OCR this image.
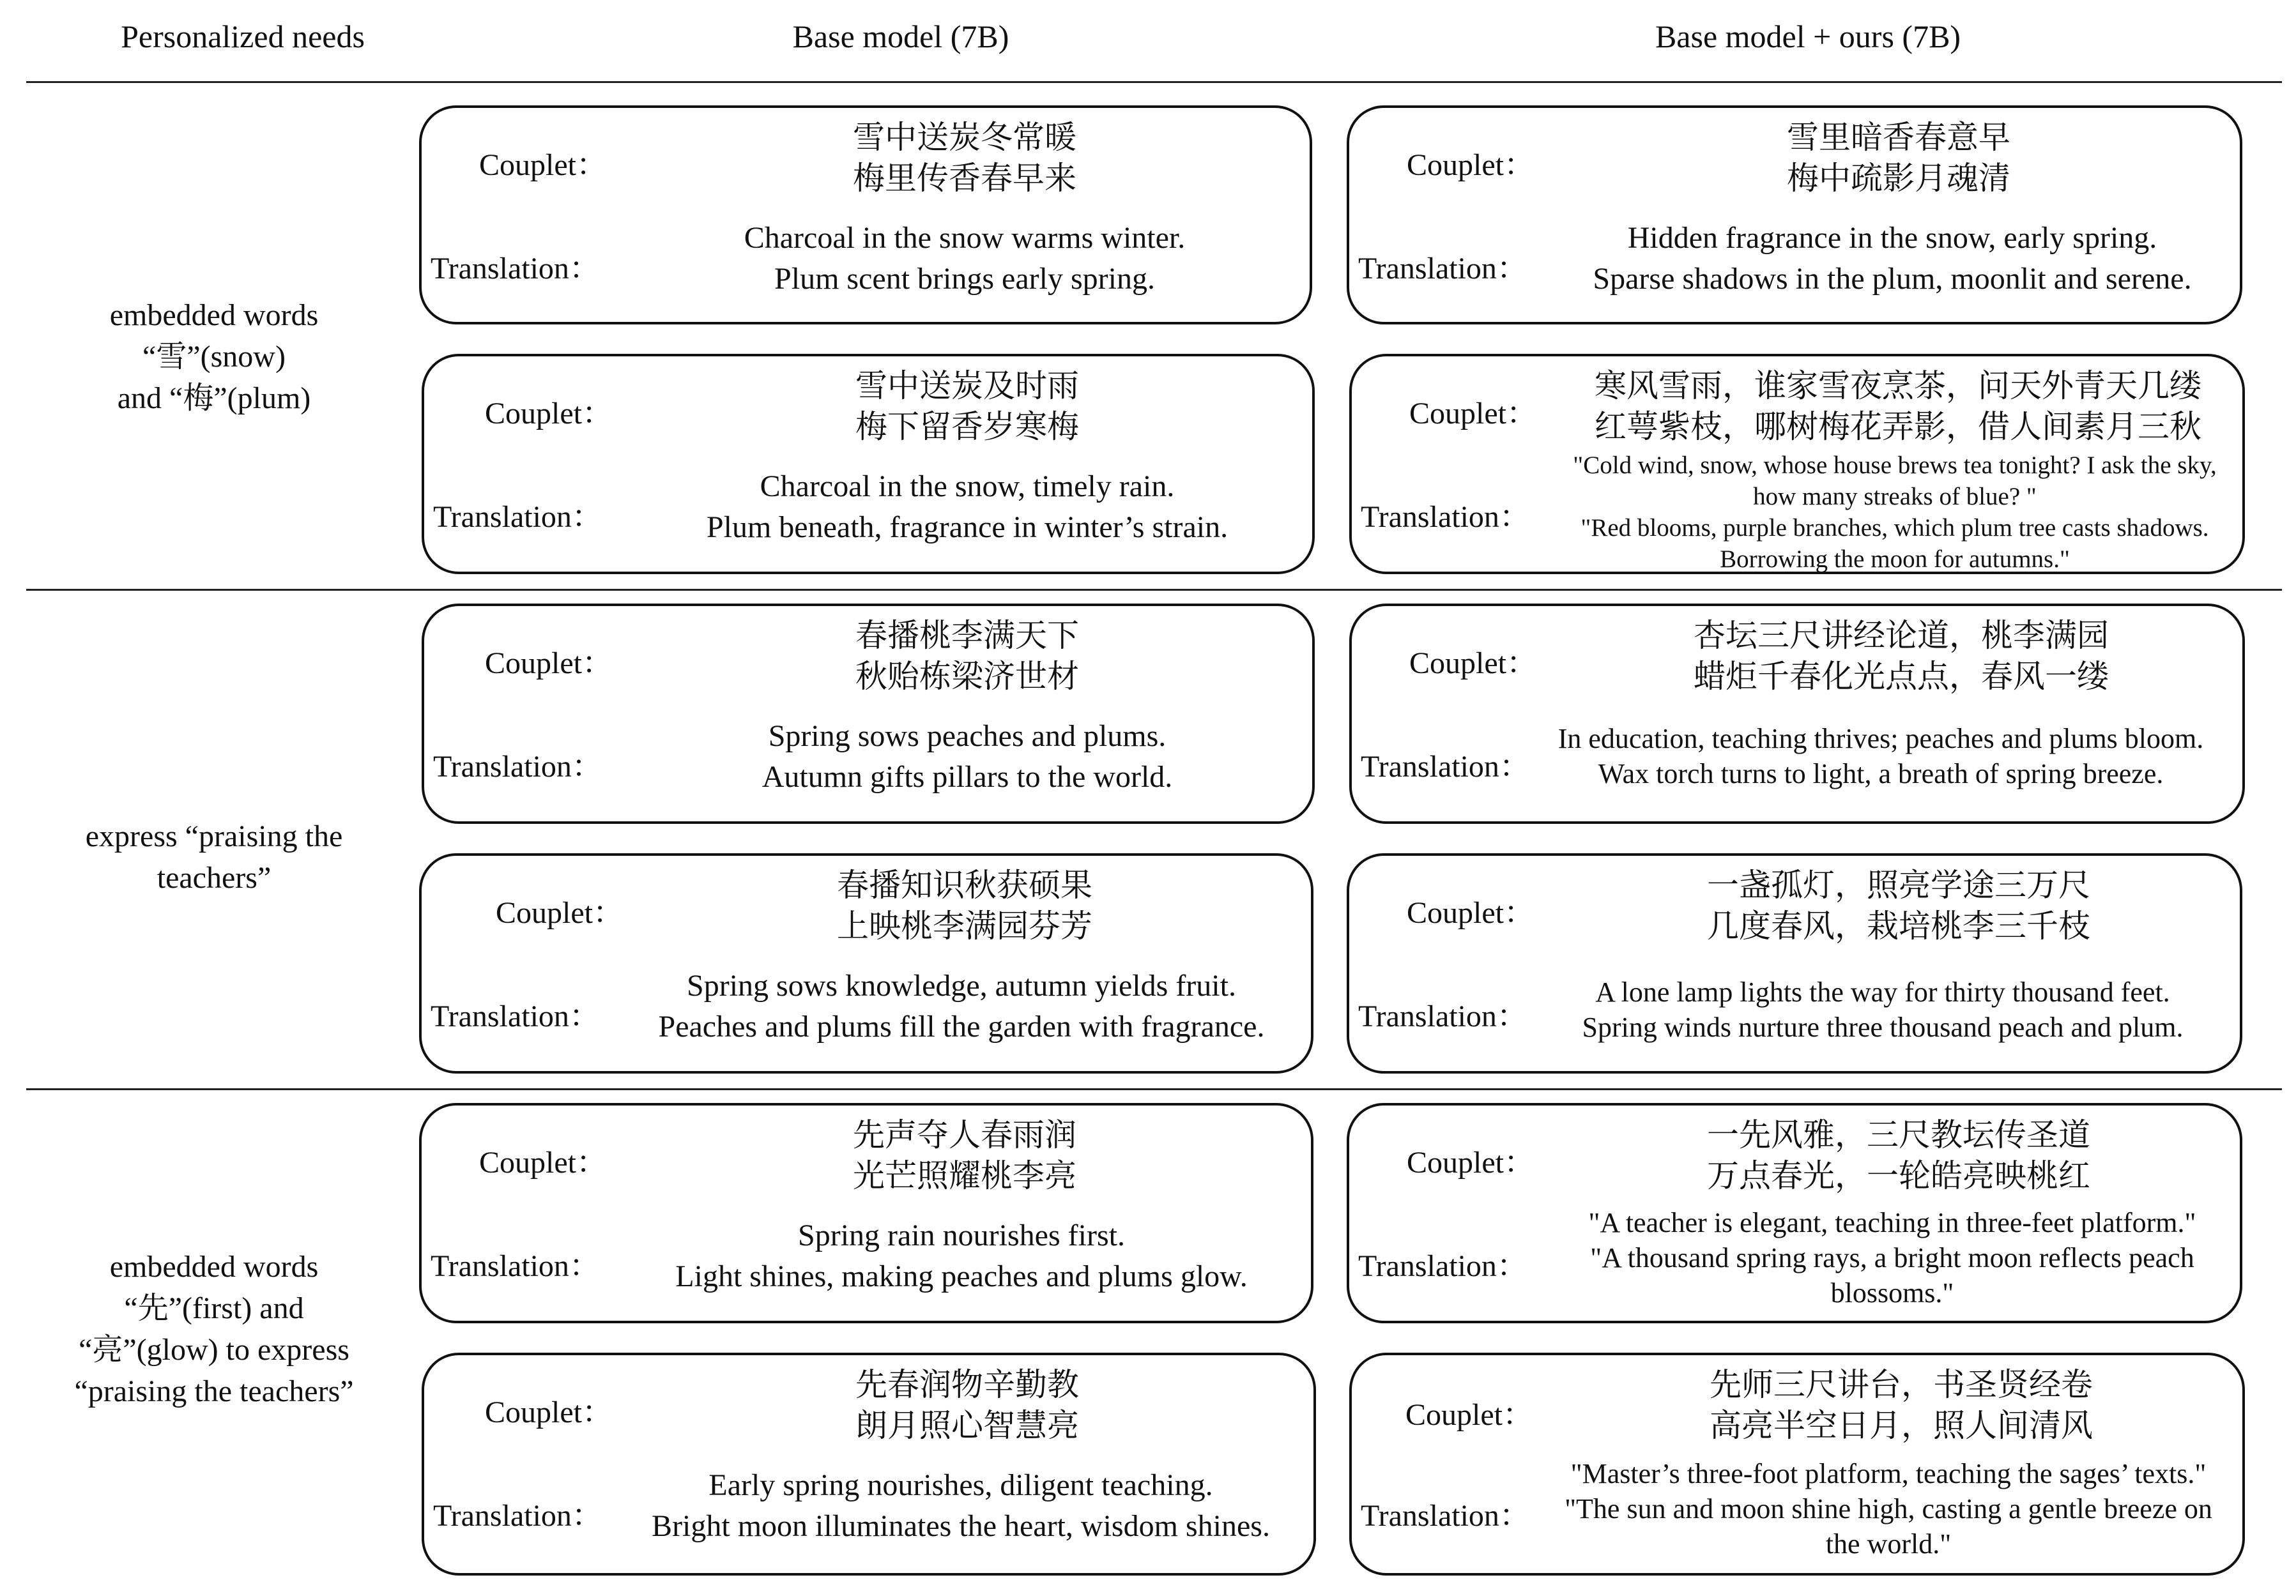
Personalized needs	Base model (7B)	Base model + ours (7B)
embedded words
“雪”(snow)
and “梅”(plum)
express “praising the
teachers”
embedded words
“先”(first) and
“亮”(glow) to express
“praising the teachers”
Couplet：
雪中送炭冬常暖
梅里传香春早来
Translation：
Charcoal in the snow warms winter.
Plum scent brings early spring.
Couplet：
雪里暗香春意早
梅中疏影月魂清
Translation：
Hidden fragrance in the snow, early spring.
Sparse shadows in the plum, moonlit and serene.
Couplet：
雪中送炭及时雨
梅下留香岁寒梅
Translation：
Charcoal in the snow, timely rain.
Plum beneath, fragrance in winter’s strain.
Couplet：
寒风雪雨，谁家雪夜烹茶，问天外青天几缕
红萼紫枝，哪树梅花弄影，借人间素月三秋
Translation：
"Cold wind, snow, whose house brews tea tonight? I ask the sky,
how many streaks of blue? "
"Red blooms, purple branches, which plum tree casts shadows.
Borrowing the moon for autumns."
Couplet：
春播桃李满天下
秋贻栋梁济世材
Translation：
Spring sows peaches and plums.
Autumn gifts pillars to the world.
Couplet：
杏坛三尺讲经论道，桃李满园
蜡炬千春化光点点，春风一缕
Translation：
In education, teaching thrives; peaches and plums bloom.
Wax torch turns to light, a breath of spring breeze.
Couplet：
春播知识秋获硕果
上映桃李满园芬芳
Translation：
Spring sows knowledge, autumn yields fruit.
Peaches and plums fill the garden with fragrance.
Couplet：
一盏孤灯，照亮学途三万尺
几度春风，栽培桃李三千枝
Translation：
A lone lamp lights the way for thirty thousand feet.
Spring winds nurture three thousand peach and plum.
Couplet：
先声夺人春雨润
光芒照耀桃李亮
Translation：
Spring rain nourishes first.
Light shines, making peaches and plums glow.
Couplet：
一先风雅，三尺教坛传圣道
万点春光，一轮皓亮映桃红
Translation：
"A teacher is elegant, teaching in three-feet platform."
"A thousand spring rays, a bright moon reflects peach
blossoms."
Couplet：
先春润物辛勤教
朗月照心智慧亮
Translation：
Early spring nourishes, diligent teaching.
Bright moon illuminates the heart, wisdom shines.
Couplet：
先师三尺讲台，书圣贤经卷
高亮半空日月，照人间清风
Translation：
"Master’s three-foot platform, teaching the sages’ texts."
"The sun and moon shine high, casting a gentle breeze on
the world."
